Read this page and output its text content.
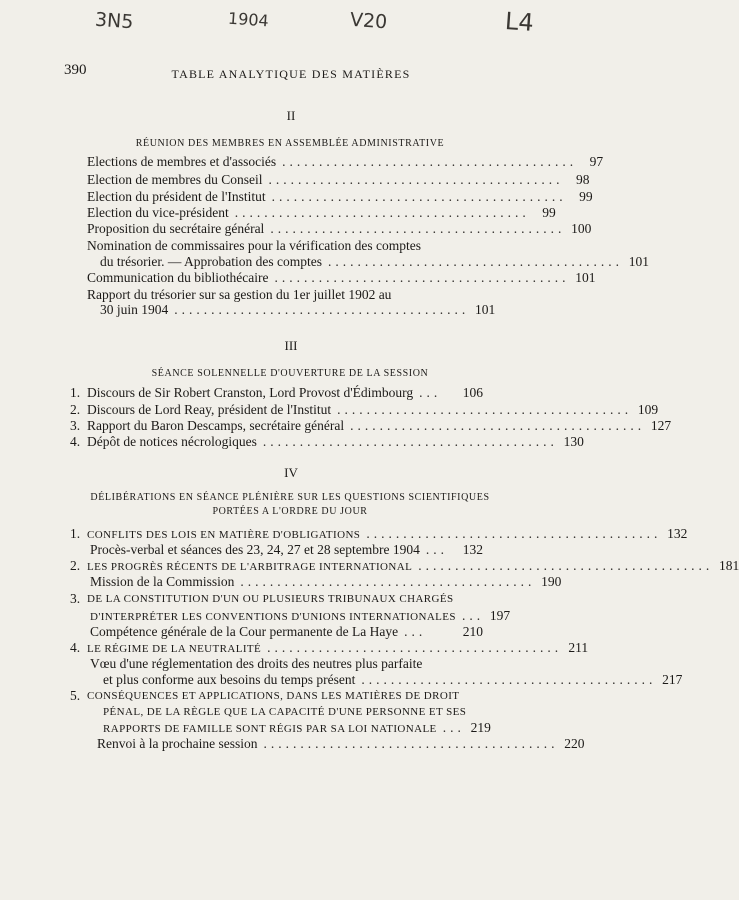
3N5	1904	V20	L4
390	TABLE ANALYTIQUE DES MATIÈRES
II
RÉUNION DES MEMBRES EN ASSEMBLÉE ADMINISTRATIVE
Elections de membres et d'associés ........................................ 97
Election de membres du Conseil ........................................ 98
Election du président de l'Institut ........................................ 99
Election du vice-président ........................................ 99
Proposition du secrétaire général ........................................ 100
Nomination de commissaires pour la vérification des comptes
du trésorier. — Approbation des comptes ........................................ 101
Communication du bibliothécaire ........................................ 101
Rapport du trésorier sur sa gestion du 1er juillet 1902 au
30 juin 1904 ........................................ 101
III
SÉANCE SOLENNELLE D'OUVERTURE DE LA SESSION
1. Discours de Sir Robert Cranston, Lord Provost d'Édimbourg ...	106
2. Discours de Lord Reay, président de l'Institut ........................................ 109
3. Rapport du Baron Descamps, secrétaire général ........................................ 127
4. Dépôt de notices nécrologiques ........................................ 130
IV
DÉLIBÉRATIONS EN SÉANCE PLÉNIÈRE SUR LES QUESTIONS SCIENTIFIQUES
PORTÉES A L'ORDRE DU JOUR
1. CONFLITS DES LOIS EN MATIÈRE D'OBLIGATIONS ........................................ 132
Procès-verbal et séances des 23, 24, 27 et 28 septembre 1904 ...	132
2. LES PROGRÈS RÉCENTS DE L'ARBITRAGE INTERNATIONAL ........................................ 181
Mission de la Commission ........................................ 190
3. DE LA CONSTITUTION D'UN OU PLUSIEURS TRIBUNAUX CHARGÉS
D'INTERPRÉTER LES CONVENTIONS D'UNIONS INTERNATIONALES ... 197
Compétence générale de la Cour permanente de La Haye ...	210
4. LE RÉGIME DE LA NEUTRALITÉ ........................................ 211
Vœu d'une réglementation des droits des neutres plus parfaite
et plus conforme aux besoins du temps présent ........................................ 217
5. CONSÉQUENCES ET APPLICATIONS, DANS LES MATIÈRES DE DROIT
PÉNAL, DE LA RÈGLE QUE LA CAPACITÉ D'UNE PERSONNE ET SES
RAPPORTS DE FAMILLE SONT RÉGIS PAR SA LOI NATIONALE ... 219
Renvoi à la prochaine session ........................................ 220
